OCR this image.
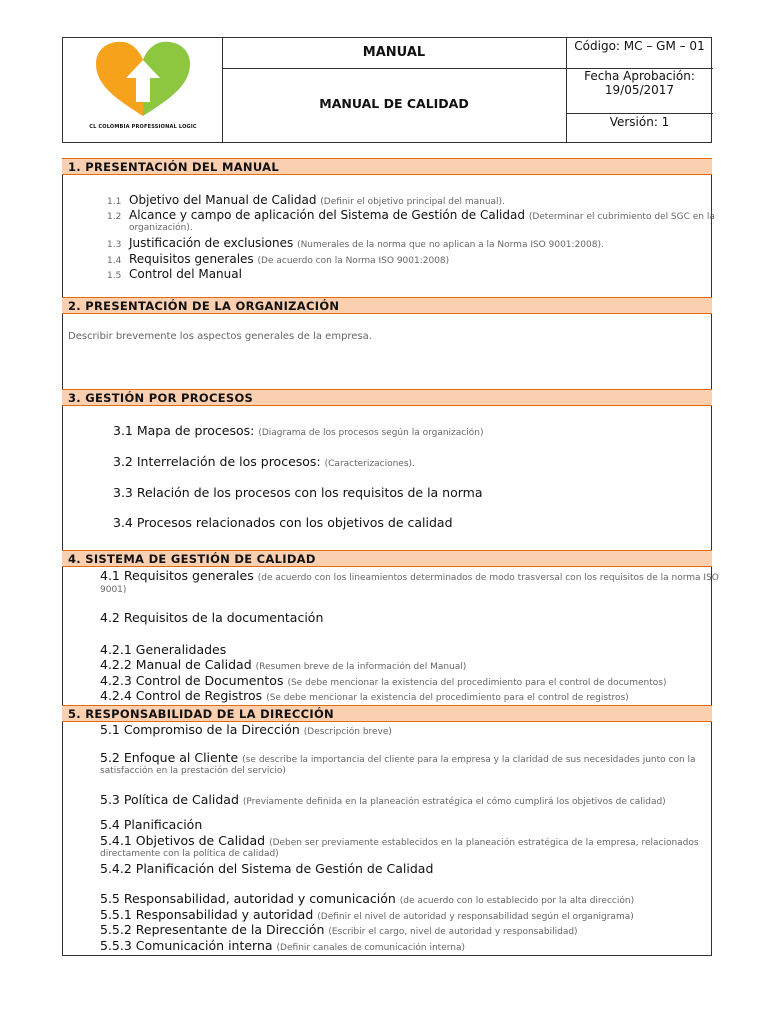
MANUAL
MANUAL DE CALIDAD
Código: MC – GM – 01
Fecha Aprobación:
19/05/2017
Versión: 1
CL COLOMBIA PROFESSIONAL LOGIC
1. PRESENTACIÓN DEL MANUAL
1.1 Objetivo del Manual de Calidad (Definir el objetivo principal del manual).
1.2 Alcance y campo de aplicación del Sistema de Gestión de Calidad (Determinar el cubrimiento del SGC en la
organización).
1.3 Justificación de exclusiones (Numerales de la norma que no aplican a la Norma ISO 9001:2008).
1.4 Requisitos generales (De acuerdo con la Norma ISO 9001:2008)
1.5 Control del Manual
2. PRESENTACIÓN DE LA ORGANIZACIÓN
Describir brevemente los aspectos generales de la empresa.
3. GESTIÓN POR PROCESOS
3.1 Mapa de procesos: (Diagrama de los procesos según la organización)
3.2 Interrelación de los procesos: (Caracterizaciones).
3.3 Relación de los procesos con los requisitos de la norma
3.4 Procesos relacionados con los objetivos de calidad
4. SISTEMA DE GESTIÓN DE CALIDAD
4.1 Requisitos generales (de acuerdo con los lineamientos determinados de modo trasversal con los requisitos de la norma ISO
9001)
4.2 Requisitos de la documentación
4.2.1 Generalidades
4.2.2 Manual de Calidad (Resumen breve de la información del Manual)
4.2.3 Control de Documentos (Se debe mencionar la existencia del procedimiento para el control de documentos)
4.2.4 Control de Registros (Se debe mencionar la existencia del procedimiento para el control de registros)
5. RESPONSABILIDAD DE LA DIRECCIÓN
5.1 Compromiso de la Dirección (Descripción breve)
5.2 Enfoque al Cliente (se describe la importancia del cliente para la empresa y la claridad de sus necesidades junto con la
satisfacción en la prestación del servicio)
5.3 Política de Calidad (Previamente definida en la planeación estratégica el cómo cumplirá los objetivos de calidad)
5.4 Planificación
5.4.1 Objetivos de Calidad (Deben ser previamente establecidos en la planeación estratégica de la empresa, relacionados
directamente con la política de calidad)
5.4.2 Planificación del Sistema de Gestión de Calidad
5.5 Responsabilidad, autoridad y comunicación (de acuerdo con lo establecido por la alta dirección)
5.5.1 Responsabilidad y autoridad (Definir el nivel de autoridad y responsabilidad según el organigrama)
5.5.2 Representante de la Dirección (Escribir el cargo, nivel de autoridad y responsabilidad)
5.5.3 Comunicación interna (Definir canales de comunicación interna)
